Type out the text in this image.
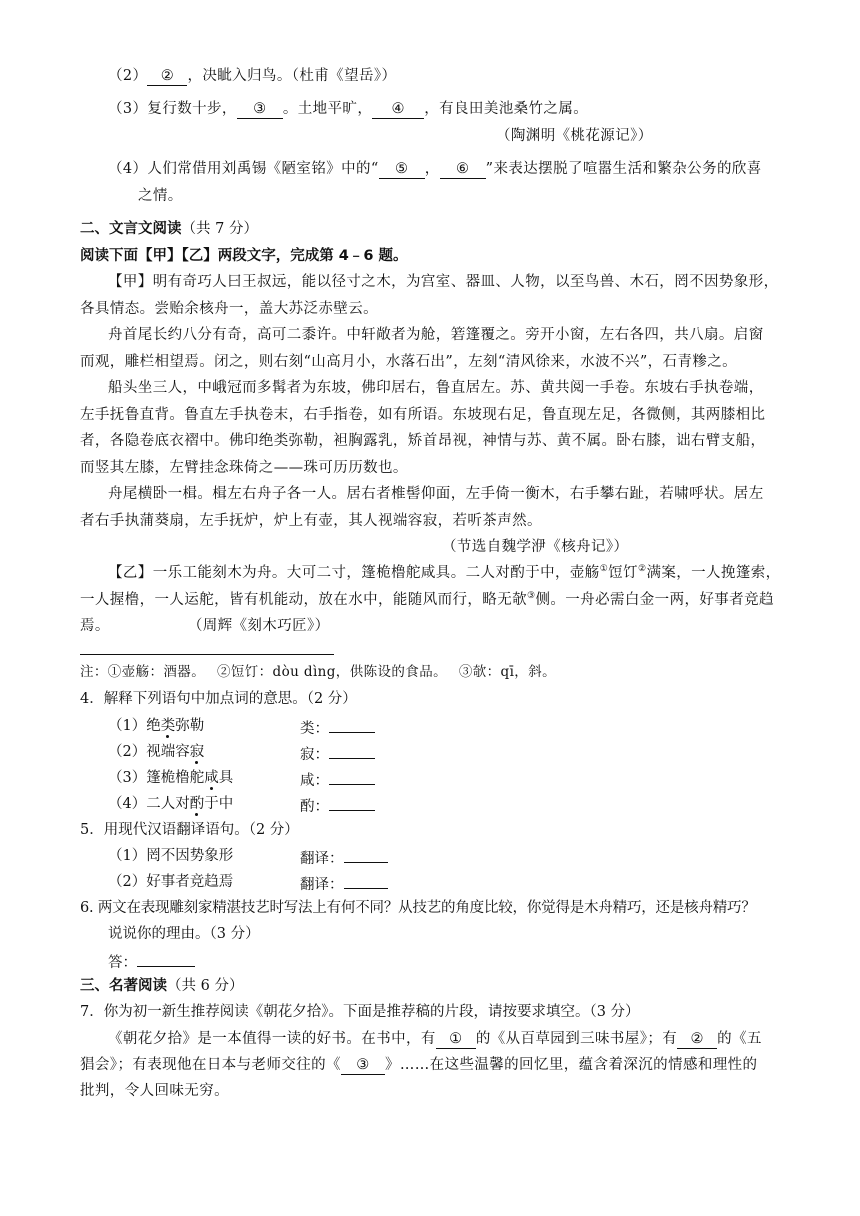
（2） ② ，决眦入归鸟。（杜甫《望岳》）
（3）复行数十步， ③ 。土地平旷， ④ ，有良田美池桑竹之属。
（陶渊明《桃花源记》）
（4）人们常借用刘禹锡《陋室铭》中的“ ⑤ ， ⑥ ”来表达摆脱了喧嚣生活和繁杂公务的欣喜
之情。
二、文言文阅读（共 7 分）
阅读下面【甲】【乙】两段文字，完成第 4﹣6 题。
【甲】明有奇巧人曰王叔远，能以径寸之木，为宫室、器皿、人物，以至鸟兽、木石，罔不因势象形，
各具情态。尝贻余核舟一，盖大苏泛赤壁云。
舟首尾长约八分有奇，高可二黍许。中轩敞者为舱，箬篷覆之。旁开小窗，左右各四，共八扇。启窗
而观，雕栏相望焉。闭之，则右刻“山高月小，水落石出”，左刻“清风徐来，水波不兴”，石青糁之。
船头坐三人，中峨冠而多髯者为东坡，佛印居右，鲁直居左。苏、黄共阅一手卷。东坡右手执卷端，
左手抚鲁直背。鲁直左手执卷末，右手指卷，如有所语。东坡现右足，鲁直现左足，各微侧，其两膝相比
者，各隐卷底衣褶中。佛印绝类弥勒，袒胸露乳，矫首昂视，神情与苏、黄不属。卧右膝，诎右臂支船，
而竖其左膝，左臂挂念珠倚之——珠可历历数也。
舟尾横卧一楫。楫左右舟子各一人。居右者椎髻仰面，左手倚一衡木，右手攀右趾，若啸呼状。居左
者右手执蒲葵扇，左手抚炉，炉上有壶，其人视端容寂，若听茶声然。
（节选自魏学洢《核舟记》）
【乙】一乐工能刻木为舟。大可二寸，篷桅橹舵咸具。二人对酌于中，壶觞①饾饤②满案，一人挽篷索，
一人握橹，一人运舵，皆有机能动，放在水中，能随风而行，略无欹③侧。一舟必需白金一两，好事者竞趋
焉。	（周辉《刻木巧匠》）
注：①壶觞：酒器。　 ②饾饤：dòu dìng，供陈设的食品。　 ③欹：qī，斜。
4．解释下列语句中加点词的意思。（2 分）
（1）绝类弥勒	类：
（2）视端容寂	寂：
（3）篷桅橹舵咸具	咸：
（4）二人对酌于中	酌：
5．用现代汉语翻译语句。（2 分）
（1）罔不因势象形	翻译：
（2）好事者竞趋焉	翻译：
6. 两文在表现雕刻家精湛技艺时写法上有何不同？从技艺的角度比较，你觉得是木舟精巧，还是核舟精巧？
说说你的理由。（3 分）
答：
三、名著阅读（共 6 分）
7．你为初一新生推荐阅读《朝花夕拾》。下面是推荐稿的片段，请按要求填空。（3 分）
《朝花夕拾》是一本值得一读的好书。在书中，有 ① 的《从百草园到三味书屋》；有 ② 的《五
猖会》；有表现他在日本与老师交往的《 ③ 》……在这些温馨的回忆里，蕴含着深沉的情感和理性的
批判，令人回味无穷。
